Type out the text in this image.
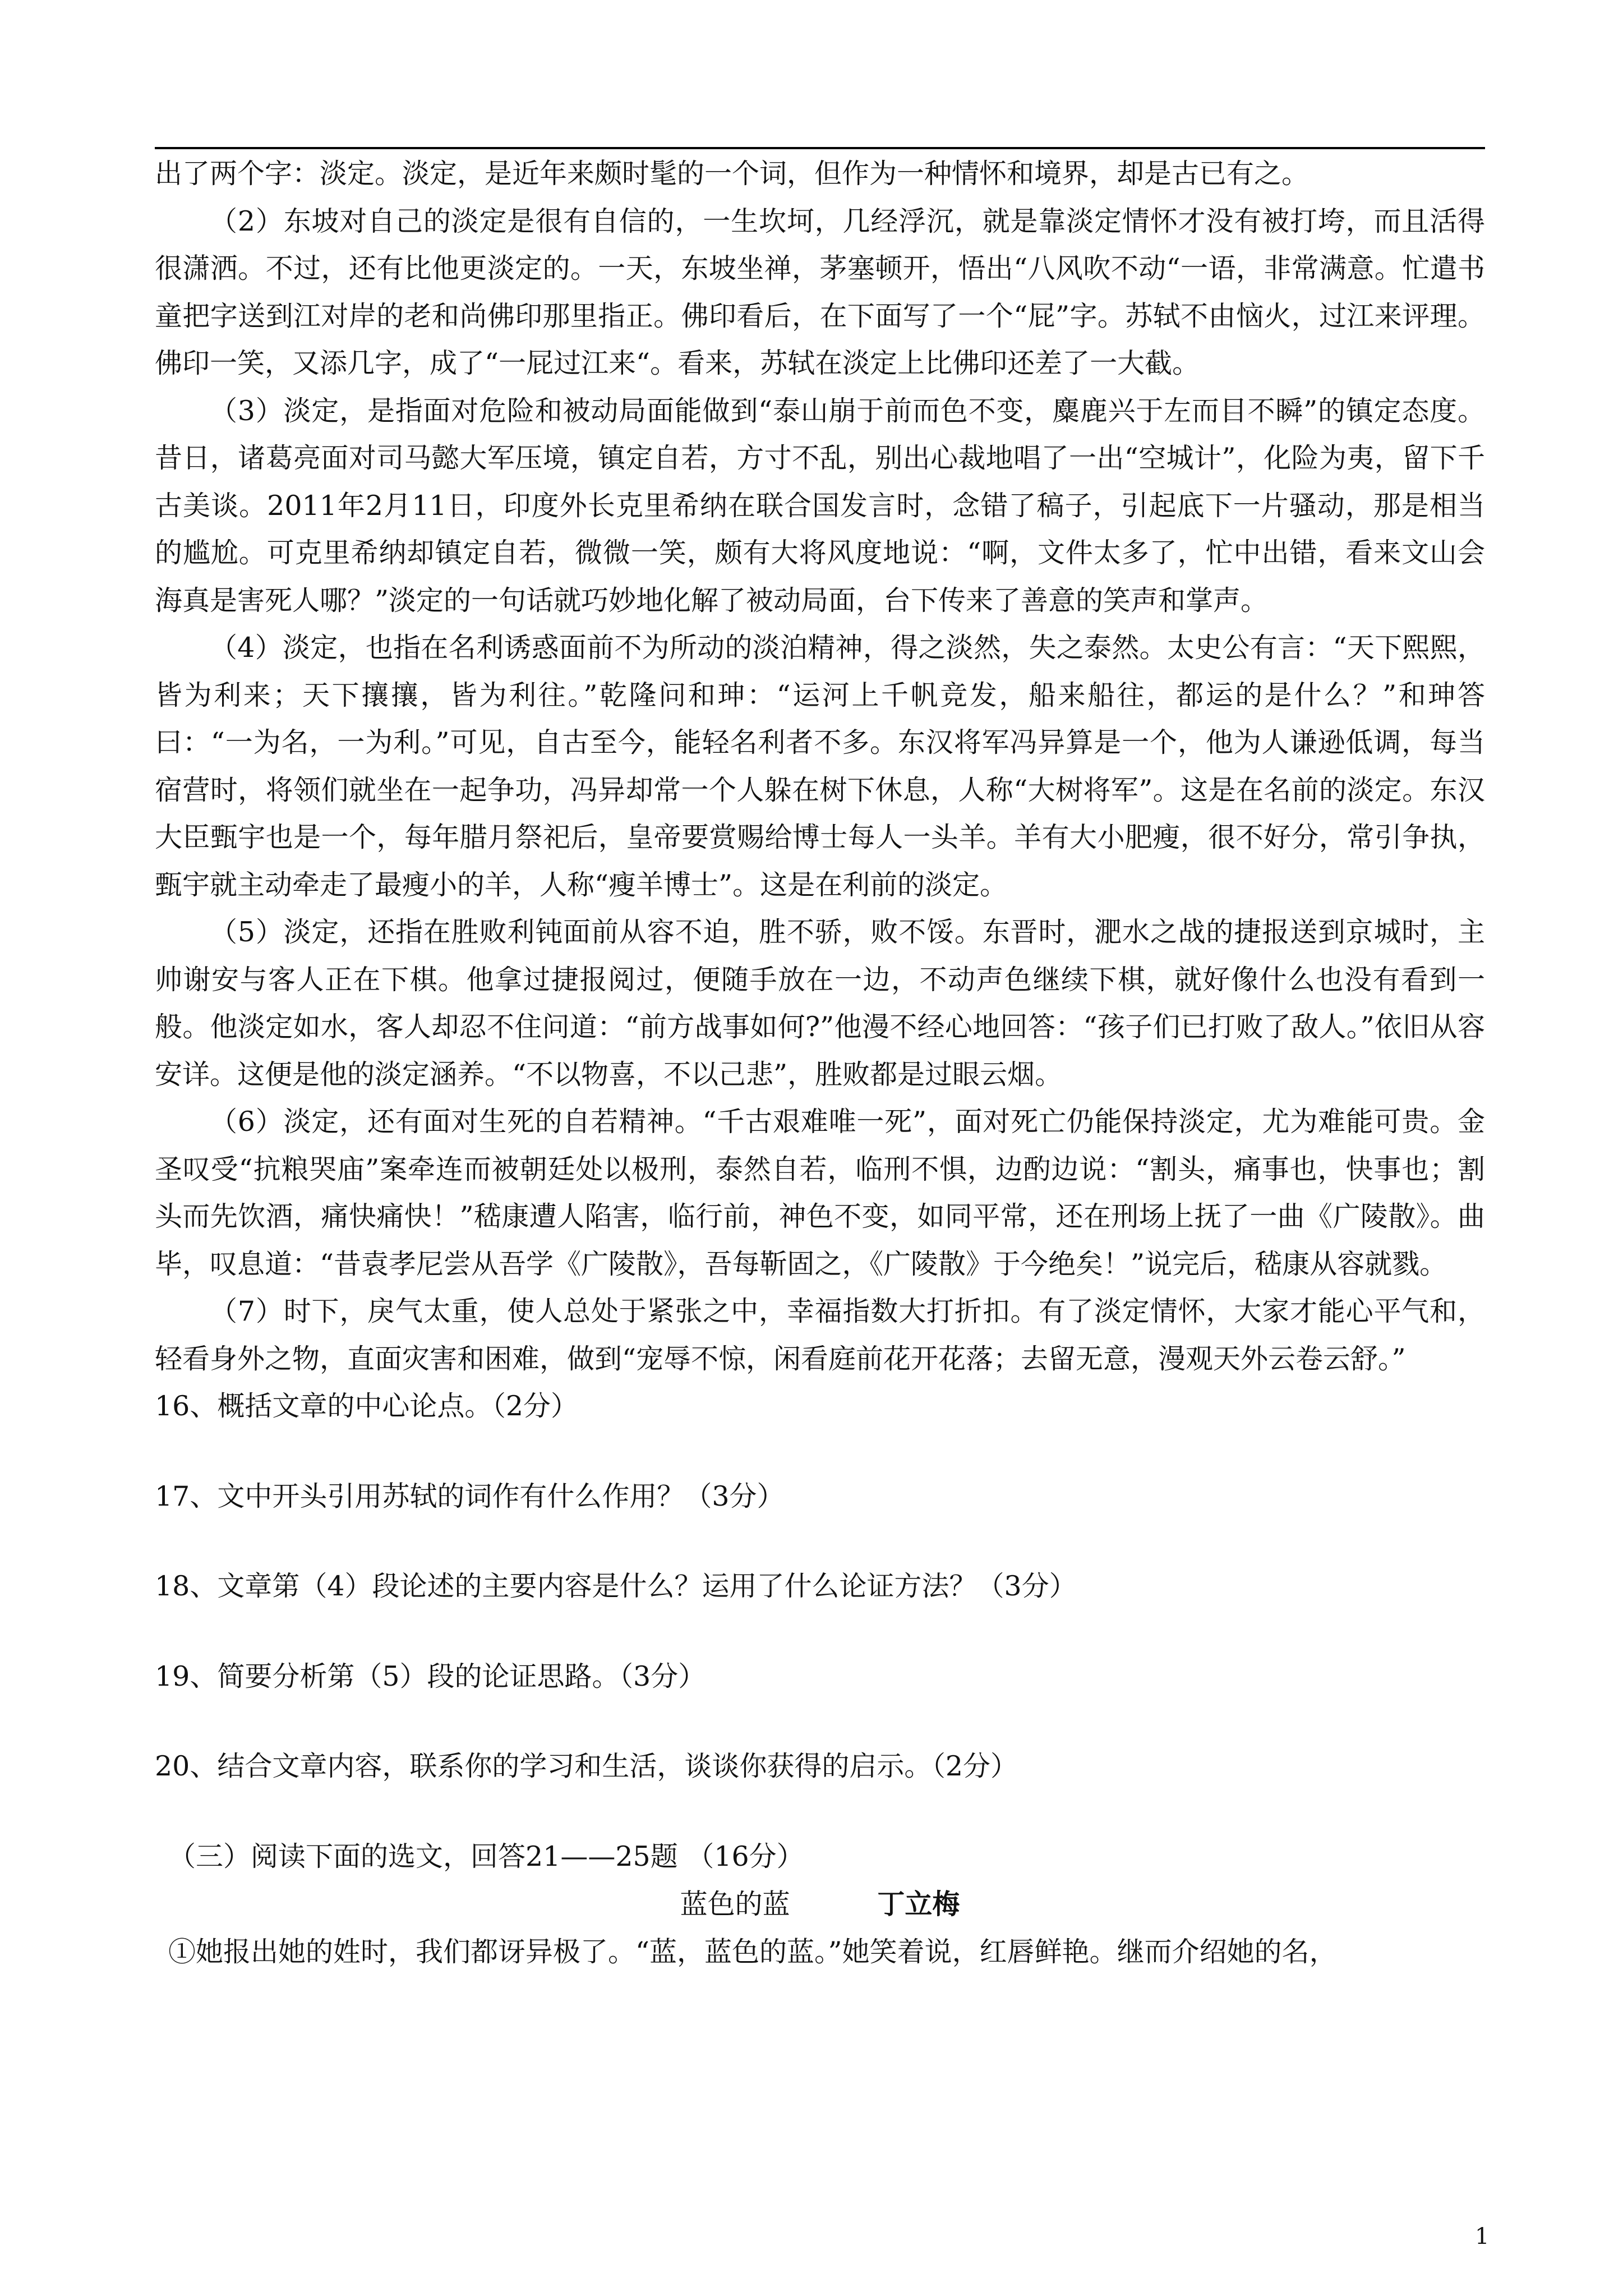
出了两个字：淡定。淡定，是近年来颇时髦的一个词，但作为一种情怀和境界，却是古已有之。

（2）东坡对自己的淡定是很有自信的，一生坎坷，几经浮沉，就是靠淡定情怀才没有被打垮，而且活得很潇洒。不过，还有比他更淡定的。一天，东坡坐禅，茅塞顿开，悟出“八风吹不动“一语，非常满意。忙遣书童把字送到江对岸的老和尚佛印那里指正。佛印看后，在下面写了一个“屁”字。苏轼不由恼火，过江来评理。佛印一笑，又添几字，成了“一屁过江来“。看来，苏轼在淡定上比佛印还差了一大截。

（3）淡定，是指面对危险和被动局面能做到“泰山崩于前而色不变，麋鹿兴于左而目不瞬”的镇定态度。昔日，诸葛亮面对司马懿大军压境，镇定自若，方寸不乱，别出心裁地唱了一出“空城计”，化险为夷，留下千古美谈。2011年2月11日，印度外长克里希纳在联合国发言时，念错了稿子，引起底下一片骚动，那是相当的尴尬。可克里希纳却镇定自若，微微一笑，颇有大将风度地说：“啊，文件太多了，忙中出错，看来文山会海真是害死人哪？”淡定的一句话就巧妙地化解了被动局面，台下传来了善意的笑声和掌声。

（4）淡定，也指在名利诱惑面前不为所动的淡泊精神，得之淡然，失之泰然。太史公有言：“天下熙熙，皆为利来；天下攘攘，皆为利往。”乾隆问和珅：“运河上千帆竞发，船来船往，都运的是什么？”和珅答曰：“一为名，一为利。”可见，自古至今，能轻名利者不多。东汉将军冯异算是一个，他为人谦逊低调，每当宿营时，将领们就坐在一起争功，冯异却常一个人躲在树下休息，人称“大树将军”。这是在名前的淡定。东汉大臣甄宇也是一个，每年腊月祭祀后，皇帝要赏赐给博士每人一头羊。羊有大小肥瘦，很不好分，常引争执，甄宇就主动牵走了最瘦小的羊，人称“瘦羊博士”。这是在利前的淡定。

（5）淡定，还指在胜败利钝面前从容不迫，胜不骄，败不馁。东晋时，淝水之战的捷报送到京城时，主帅谢安与客人正在下棋。他拿过捷报阅过，便随手放在一边，不动声色继续下棋，就好像什么也没有看到一般。他淡定如水，客人却忍不住问道：“前方战事如何?”他漫不经心地回答：“孩子们已打败了敌人。”依旧从容安详。这便是他的淡定涵养。“不以物喜，不以己悲”，胜败都是过眼云烟。

（6）淡定，还有面对生死的自若精神。“千古艰难唯一死”，面对死亡仍能保持淡定，尤为难能可贵。金圣叹受“抗粮哭庙”案牵连而被朝廷处以极刑，泰然自若，临刑不惧，边酌边说：“割头，痛事也，快事也；割头而先饮酒，痛快痛快！”嵇康遭人陷害，临行前，神色不变，如同平常，还在刑场上抚了一曲《广陵散》。曲毕，叹息道：“昔袁孝尼尝从吾学《广陵散》，吾每靳固之，《广陵散》于今绝矣！”说完后，嵇康从容就戮。

（7）时下，戾气太重，使人总处于紧张之中，幸福指数大打折扣。有了淡定情怀，大家才能心平气和，轻看身外之物，直面灾害和困难，做到“宠辱不惊，闲看庭前花开花落；去留无意，漫观天外云卷云舒。”

16、概括文章的中心论点。（2分）

17、文中开头引用苏轼的词作有什么作用？（3分）

18、文章第（4）段论述的主要内容是什么？运用了什么论证方法？（3分）

19、简要分析第（5）段的论证思路。（3分）

20、结合文章内容，联系你的学习和生活，谈谈你获得的启示。（2分）

（三）阅读下面的选文，回答21——25题 （16分）

蓝色的蓝	丁立梅

①她报出她的姓时，我们都讶异极了。“蓝，蓝色的蓝。”她笑着说，红唇鲜艳。继而介绍她的名，

1
